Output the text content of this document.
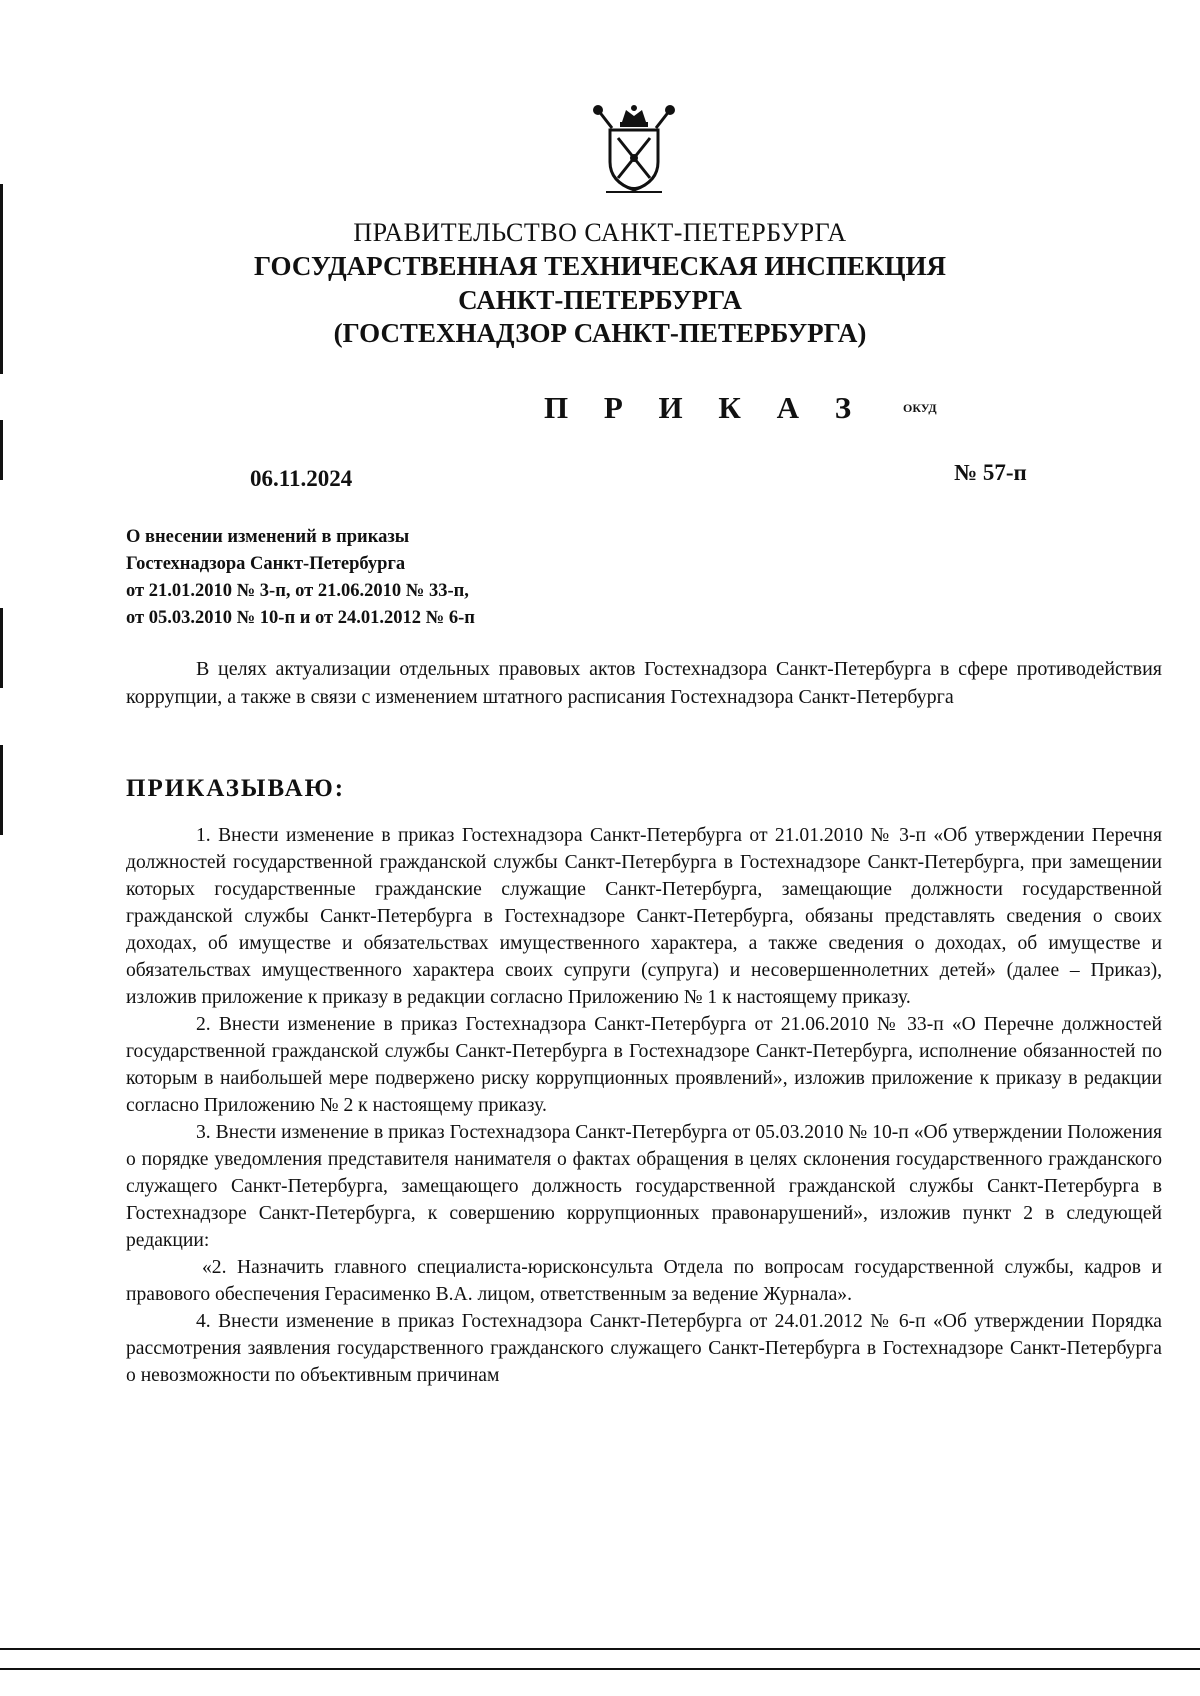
ПРАВИТЕЛЬСТВО САНКТ-ПЕТЕРБУРГА
ГОСУДАРСТВЕННАЯ ТЕХНИЧЕСКАЯ ИНСПЕКЦИЯ
САНКТ-ПЕТЕРБУРГА
(ГОСТЕХНАДЗОР САНКТ-ПЕТЕРБУРГА)
П Р И К А З	ОКУД
06.11.2024	№ 57-п
О внесении изменений в приказы
Гостехнадзора Санкт-Петербурга
от 21.01.2010 № 3-п, от 21.06.2010 № 33-п,
от 05.03.2010 № 10-п и от 24.01.2012 № 6-п

В целях актуализации отдельных правовых актов Гостехнадзора Санкт-Петербурга в сфере противодействия коррупции, а также в связи с изменением штатного расписания Гостехнадзора Санкт-Петербурга

ПРИКАЗЫВАЮ:

1. Внести изменение в приказ Гостехнадзора Санкт-Петербурга от 21.01.2010 № 3-п «Об утверждении Перечня должностей государственной гражданской службы Санкт-Петербурга в Гостехнадзоре Санкт-Петербурга, при замещении которых государственные гражданские служащие Санкт-Петербурга, замещающие должности государственной гражданской службы Санкт-Петербурга в Гостехнадзоре Санкт-Петербурга, обязаны представлять сведения о своих доходах, об имуществе и обязательствах имущественного характера, а также сведения о доходах, об имуществе и обязательствах имущественного характера своих супруги (супруга) и несовершеннолетних детей» (далее – Приказ), изложив приложение к приказу в редакции согласно Приложению № 1 к настоящему приказу.

2. Внести изменение в приказ Гостехнадзора Санкт-Петербурга от 21.06.2010 № 33-п «О Перечне должностей государственной гражданской службы Санкт-Петербурга в Гостехнадзоре Санкт-Петербурга, исполнение обязанностей по которым в наибольшей мере подвержено риску коррупционных проявлений», изложив приложение к приказу в редакции согласно Приложению № 2 к настоящему приказу.

3. Внести изменение в приказ Гостехнадзора Санкт-Петербурга от 05.03.2010 № 10-п «Об утверждении Положения о порядке уведомления представителя нанимателя о фактах обращения в целях склонения государственного гражданского служащего Санкт-Петербурга, замещающего должность государственной гражданской службы Санкт-Петербурга в Гостехнадзоре Санкт-Петербурга, к совершению коррупционных правонарушений», изложив пункт 2 в следующей редакции:

«2. Назначить главного специалиста-юрисконсульта Отдела по вопросам государственной службы, кадров и правового обеспечения Герасименко В.А. лицом, ответственным за ведение Журнала».

4. Внести изменение в приказ Гостехнадзора Санкт-Петербурга от 24.01.2012 № 6-п «Об утверждении Порядка рассмотрения заявления государственного гражданского служащего Санкт-Петербурга в Гостехнадзоре Санкт-Петербурга о невозможности по объективным причинам
